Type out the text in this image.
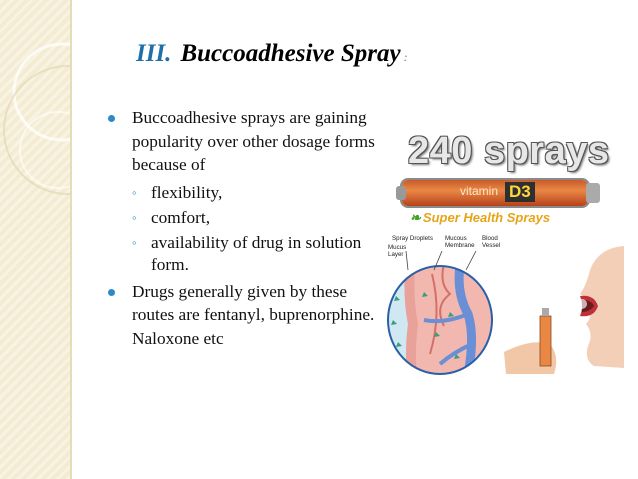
III. Buccoadhesive Spray :
Buccoadhesive sprays are gaining popularity over other dosage forms because of
◦ flexibility,
◦ comfort,
◦ availability of drug in solution form.
Drugs generally given by these routes are fentanyl, buprenorphine. Naloxone etc
240 sprays
vitamin D3
❧ Super Health Sprays
Spray Droplets
Mucus Layer
Mucous Membrane
Blood Vessel
